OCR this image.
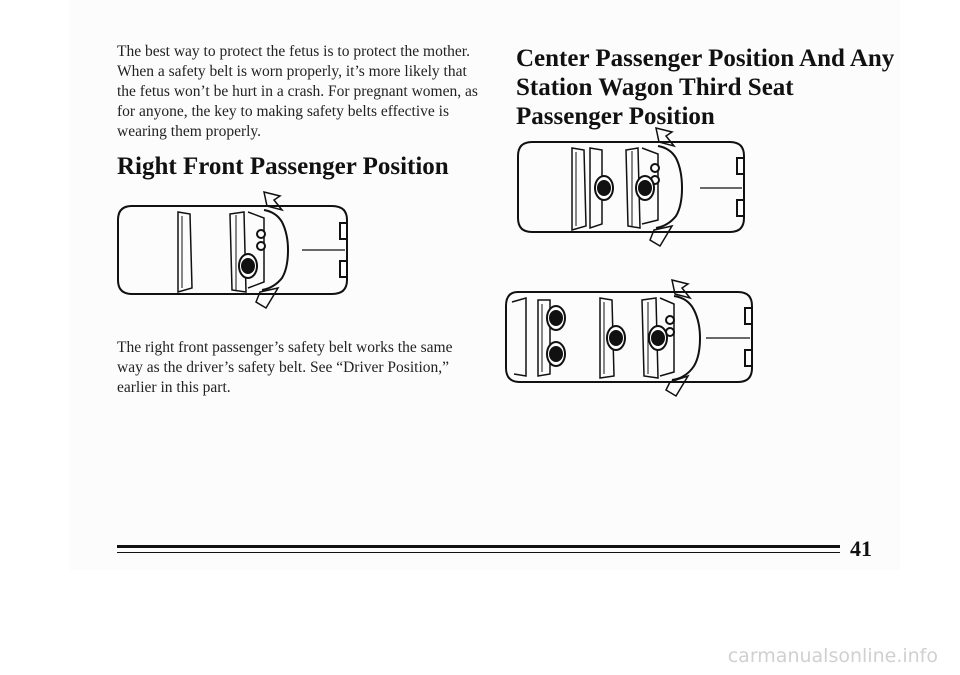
The best way to protect the fetus is to protect the mother. When a safety belt is worn properly, it’s more likely that the fetus won’t be hurt in a crash. For pregnant women, as for anyone, the key to making safety belts effective is wearing them properly.

Right Front Passenger Position

The right front passenger’s safety belt works the same way as the driver’s safety belt. See “Driver Position,” earlier in this part.

Center Passenger Position And Any Station Wagon Third Seat Passenger Position
41
carmanualsonline.info
